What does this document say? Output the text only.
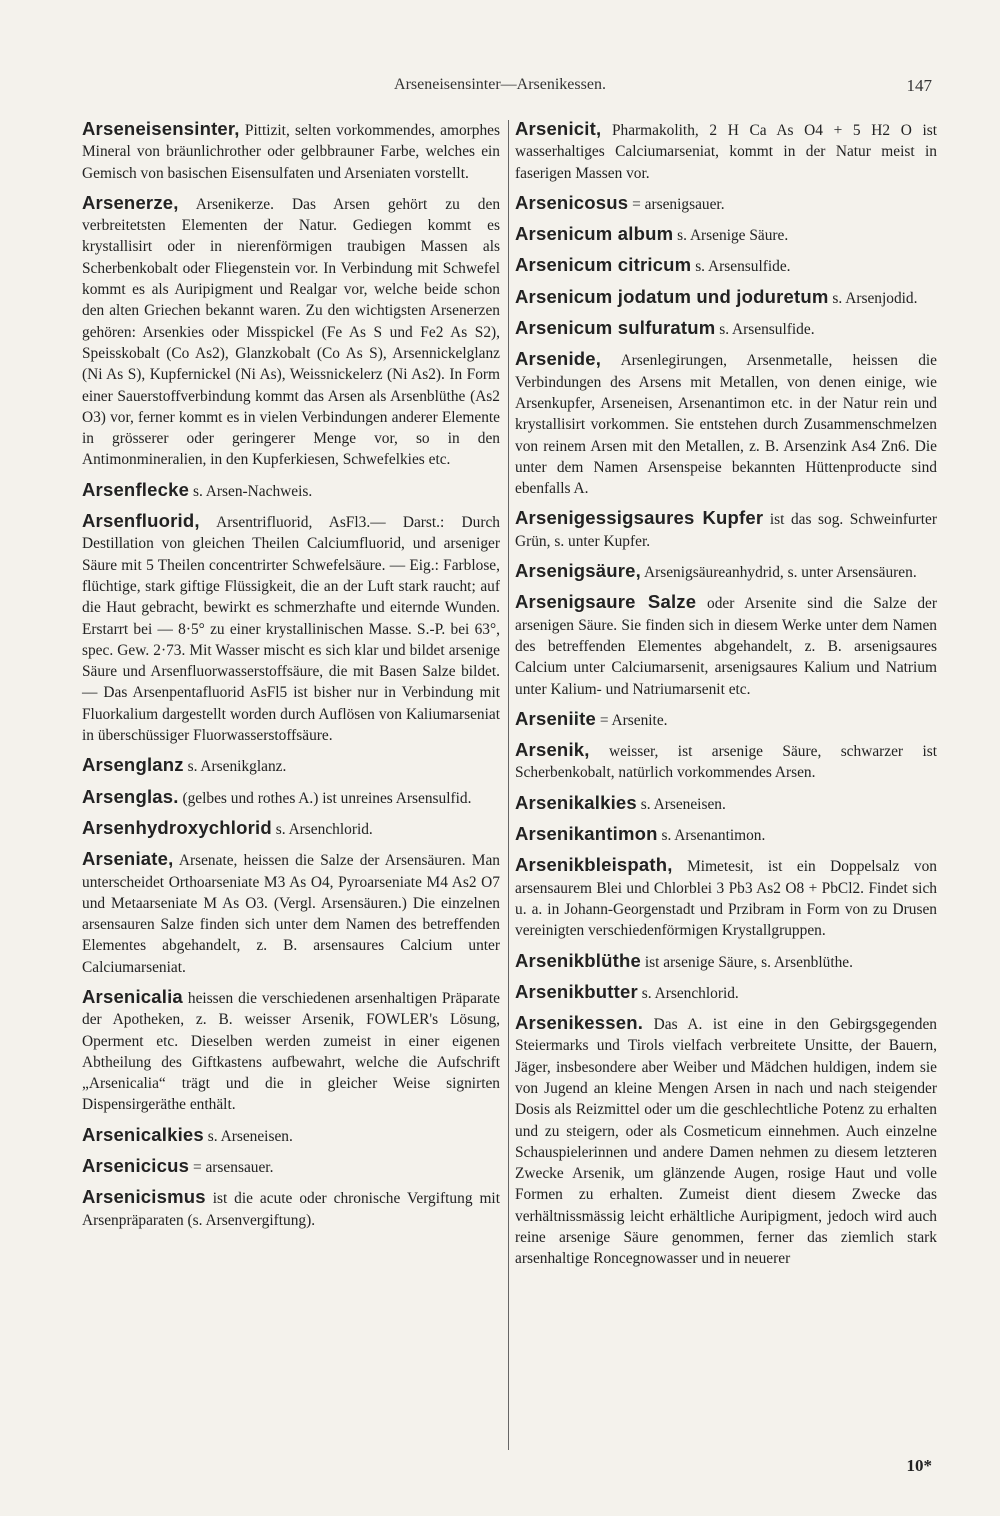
Arseneisensinter—Arsenikessen.	147

Arseneisensinter, Pittizit, selten vorkommendes, amorphes Mineral von bräunlichrother oder gelbbrauner Farbe, welches ein Gemisch von basischen Eisensulfaten und Arseniaten vorstellt.

Arsenerze, Arsenikerze. Das Arsen gehört zu den verbreitetsten Elementen der Natur. Gediegen kommt es krystallisirt oder in nierenförmigen traubigen Massen als Scherbenkobalt oder Fliegenstein vor. In Verbindung mit Schwefel kommt es als Auripigment und Realgar vor, welche beide schon den alten Griechen bekannt waren. Zu den wichtigsten Arsenerzen gehören: Arsenkies oder Misspickel (Fe As S und Fe2 As S2), Speisskobalt (Co As2), Glanzkobalt (Co As S), Arsennickelglanz (Ni As S), Kupfernickel (Ni As), Weissnickelerz (Ni As2). In Form einer Sauerstoffverbindung kommt das Arsen als Arsenblüthe (As2 O3) vor, ferner kommt es in vielen Verbindungen anderer Elemente in grösserer oder geringerer Menge vor, so in den Antimonmineralien, in den Kupferkiesen, Schwefelkies etc.

Arsenflecke s. Arsen-Nachweis.

Arsenfluorid, Arsentrifluorid, AsFl3.— Darst.: Durch Destillation von gleichen Theilen Calciumfluorid, und arseniger Säure mit 5 Theilen concentrirter Schwefelsäure. — Eig.: Farblose, flüchtige, stark giftige Flüssigkeit, die an der Luft stark raucht; auf die Haut gebracht, bewirkt es schmerzhafte und eiternde Wunden. Erstarrt bei — 8·5° zu einer krystallinischen Masse. S.-P. bei 63°, spec. Gew. 2·73. Mit Wasser mischt es sich klar und bildet arsenige Säure und Arsenfluorwasserstoffsäure, die mit Basen Salze bildet. — Das Arsenpentafluorid AsFl5 ist bisher nur in Verbindung mit Fluorkalium dargestellt worden durch Auflösen von Kaliumarseniat in überschüssiger Fluorwasserstoffsäure.

Arsenglanz s. Arsenikglanz.

Arsenglas. (gelbes und rothes A.) ist unreines Arsensulfid.

Arsenhydroxychlorid s. Arsenchlorid.

Arseniate, Arsenate, heissen die Salze der Arsensäuren. Man unterscheidet Orthoarseniate M3 As O4, Pyroarseniate M4 As2 O7 und Metaarseniate M As O3. (Vergl. Arsensäuren.) Die einzelnen arsensauren Salze finden sich unter dem Namen des betreffenden Elementes abgehandelt, z. B. arsensaures Calcium unter Calciumarseniat.

Arsenicalia heissen die verschiedenen arsenhaltigen Präparate der Apotheken, z. B. weisser Arsenik, FOWLER's Lösung, Operment etc. Dieselben werden zumeist in einer eigenen Abtheilung des Giftkastens aufbewahrt, welche die Aufschrift „Arsenicalia“ trägt und die in gleicher Weise signirten Dispensirgeräthe enthält.

Arsenicalkies s. Arseneisen.

Arsenicicus = arsensauer.

Arsenicismus ist die acute oder chronische Vergiftung mit Arsenpräparaten (s. Arsenvergiftung).

Arsenicit, Pharmakolith, 2 H Ca As O4 + 5 H2 O ist wasserhaltiges Calciumarseniat, kommt in der Natur meist in faserigen Massen vor.

Arsenicosus = arsenigsauer.

Arsenicum album s. Arsenige Säure.

Arsenicum citricum s. Arsensulfide.

Arsenicum jodatum und joduretum s. Arsenjodid.

Arsenicum sulfuratum s. Arsensulfide.

Arsenide, Arsenlegirungen, Arsenmetalle, heissen die Verbindungen des Arsens mit Metallen, von denen einige, wie Arsenkupfer, Arseneisen, Arsenantimon etc. in der Natur rein und krystallisirt vorkommen. Sie entstehen durch Zusammenschmelzen von reinem Arsen mit den Metallen, z. B. Arsenzink As4 Zn6. Die unter dem Namen Arsenspeise bekannten Hüttenproducte sind ebenfalls A.

Arsenigessigsaures Kupfer ist das sog. Schweinfurter Grün, s. unter Kupfer.

Arsenigsäure, Arsenigsäureanhydrid, s. unter Arsensäuren.

Arsenigsaure Salze oder Arsenite sind die Salze der arsenigen Säure. Sie finden sich in diesem Werke unter dem Namen des betreffenden Elementes abgehandelt, z. B. arsenigsaures Calcium unter Calciumarsenit, arsenigsaures Kalium und Natrium unter Kalium- und Natriumarsenit etc.

Arseniite = Arsenite.

Arsenik, weisser, ist arsenige Säure, schwarzer ist Scherbenkobalt, natürlich vorkommendes Arsen.

Arsenikalkies s. Arseneisen.

Arsenikantimon s. Arsenantimon.

Arsenikbleispath, Mimetesit, ist ein Doppelsalz von arsensaurem Blei und Chlorblei 3 Pb3 As2 O8 + PbCl2. Findet sich u. a. in Johann-Georgenstadt und Przibram in Form von zu Drusen vereinigten verschiedenförmigen Krystallgruppen.

Arsenikblüthe ist arsenige Säure, s. Arsenblüthe.

Arsenikbutter s. Arsenchlorid.

Arsenikessen. Das A. ist eine in den Gebirgsgegenden Steiermarks und Tirols vielfach verbreitete Unsitte, der Bauern, Jäger, insbesondere aber Weiber und Mädchen huldigen, indem sie von Jugend an kleine Mengen Arsen in nach und nach steigender Dosis als Reizmittel oder um die geschlechtliche Potenz zu erhalten und zu steigern, oder als Cosmeticum einnehmen. Auch einzelne Schauspielerinnen und andere Damen nehmen zu diesem letzteren Zwecke Arsenik, um glänzende Augen, rosige Haut und volle Formen zu erhalten. Zumeist dient diesem Zwecke das verhältnissmässig leicht erhältliche Auripigment, jedoch wird auch reine arsenige Säure genommen, ferner das ziemlich stark arsenhaltige Roncegnowasser und in neuerer

10*
